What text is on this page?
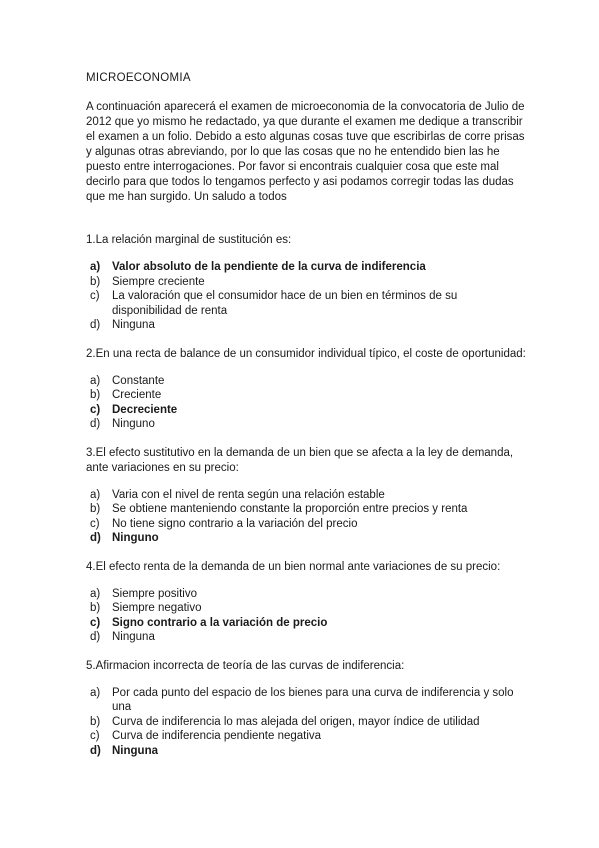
MICROECONOMIA
A continuación aparecerá el examen de microeconomia de la convocatoria de Julio de 2012 que yo mismo he redactado, ya que durante el examen me dedique a transcribir el examen a un folio. Debido a esto algunas cosas tuve que escribirlas de corre prisas y algunas otras abreviando, por lo que las cosas que no he entendido bien las he puesto entre interrogaciones. Por favor si encontrais cualquier cosa que este mal decirlo para que todos lo tengamos perfecto y asi podamos corregir todas las dudas que me han surgido. Un saludo a todos
1.La relación marginal de sustitución es:
a)	Valor absoluto de la pendiente de la curva de indiferencia
b)	Siempre creciente
c)	La valoración que el consumidor hace de un bien en términos de su disponibilidad de renta
d)	Ninguna
2.En una recta de balance de un consumidor individual típico, el coste de oportunidad:
a)	Constante
b)	Creciente
c)	Decreciente
d)	Ninguno
3.El efecto sustitutivo en la demanda de un bien que se afecta a la ley de demanda, ante variaciones en su precio:
a)	Varia con el nivel de renta según una relación estable
b)	Se obtiene manteniendo constante la proporción entre precios y renta
c)	No tiene signo contrario a la variación del precio
d) Ninguno
4.El efecto renta de la demanda de un bien normal ante variaciones de su precio:
a)	Siempre positivo
b)	Siempre negativo
c)	Signo contrario a la variación de precio
d)	Ninguna
5.Afirmacion incorrecta de teoría de las curvas de indiferencia:
a)	Por cada punto del espacio de los bienes para una curva de indiferencia y solo una
b)	Curva de indiferencia lo mas alejada del origen, mayor índice de utilidad
c)	Curva de indiferencia pendiente negativa
d) Ninguna
